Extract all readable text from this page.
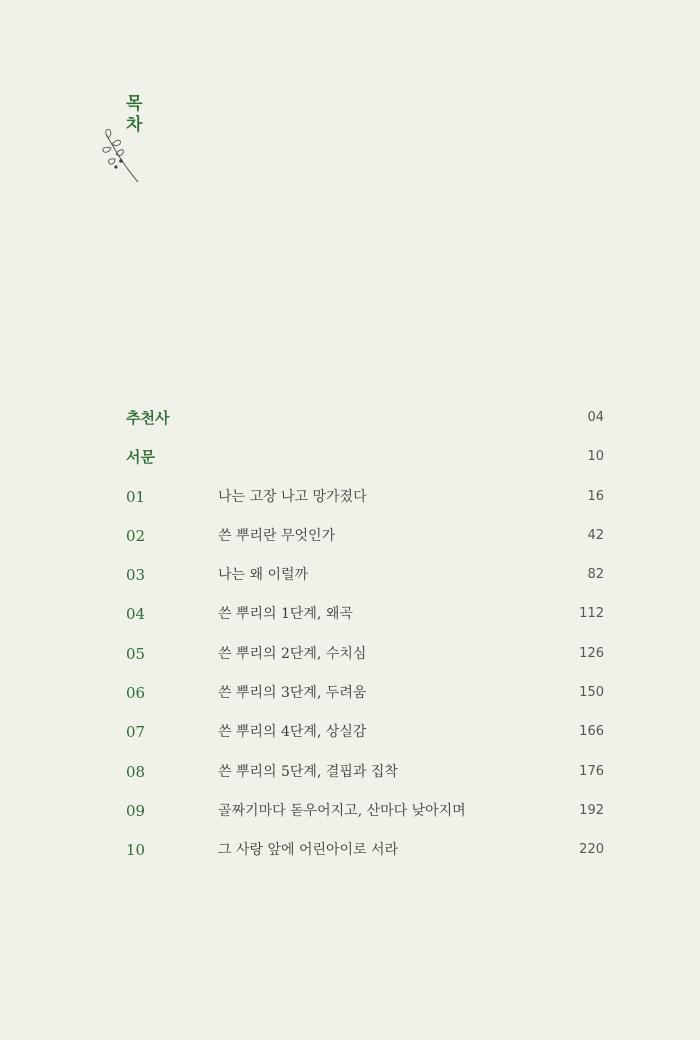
목
차
추천사	04
서문	10
01	나는 고장 나고 망가졌다	16
02	쓴 뿌리란 무엇인가	42
03	나는 왜 이럴까	82
04	쓴 뿌리의 1단계, 왜곡	112
05	쓴 뿌리의 2단계, 수치심	126
06	쓴 뿌리의 3단계, 두려움	150
07	쓴 뿌리의 4단계, 상실감	166
08	쓴 뿌리의 5단계, 결핍과 집착	176
09	골짜기마다 돋우어지고, 산마다 낮아지며	192
10	그 사랑 앞에 어린아이로 서라	220
